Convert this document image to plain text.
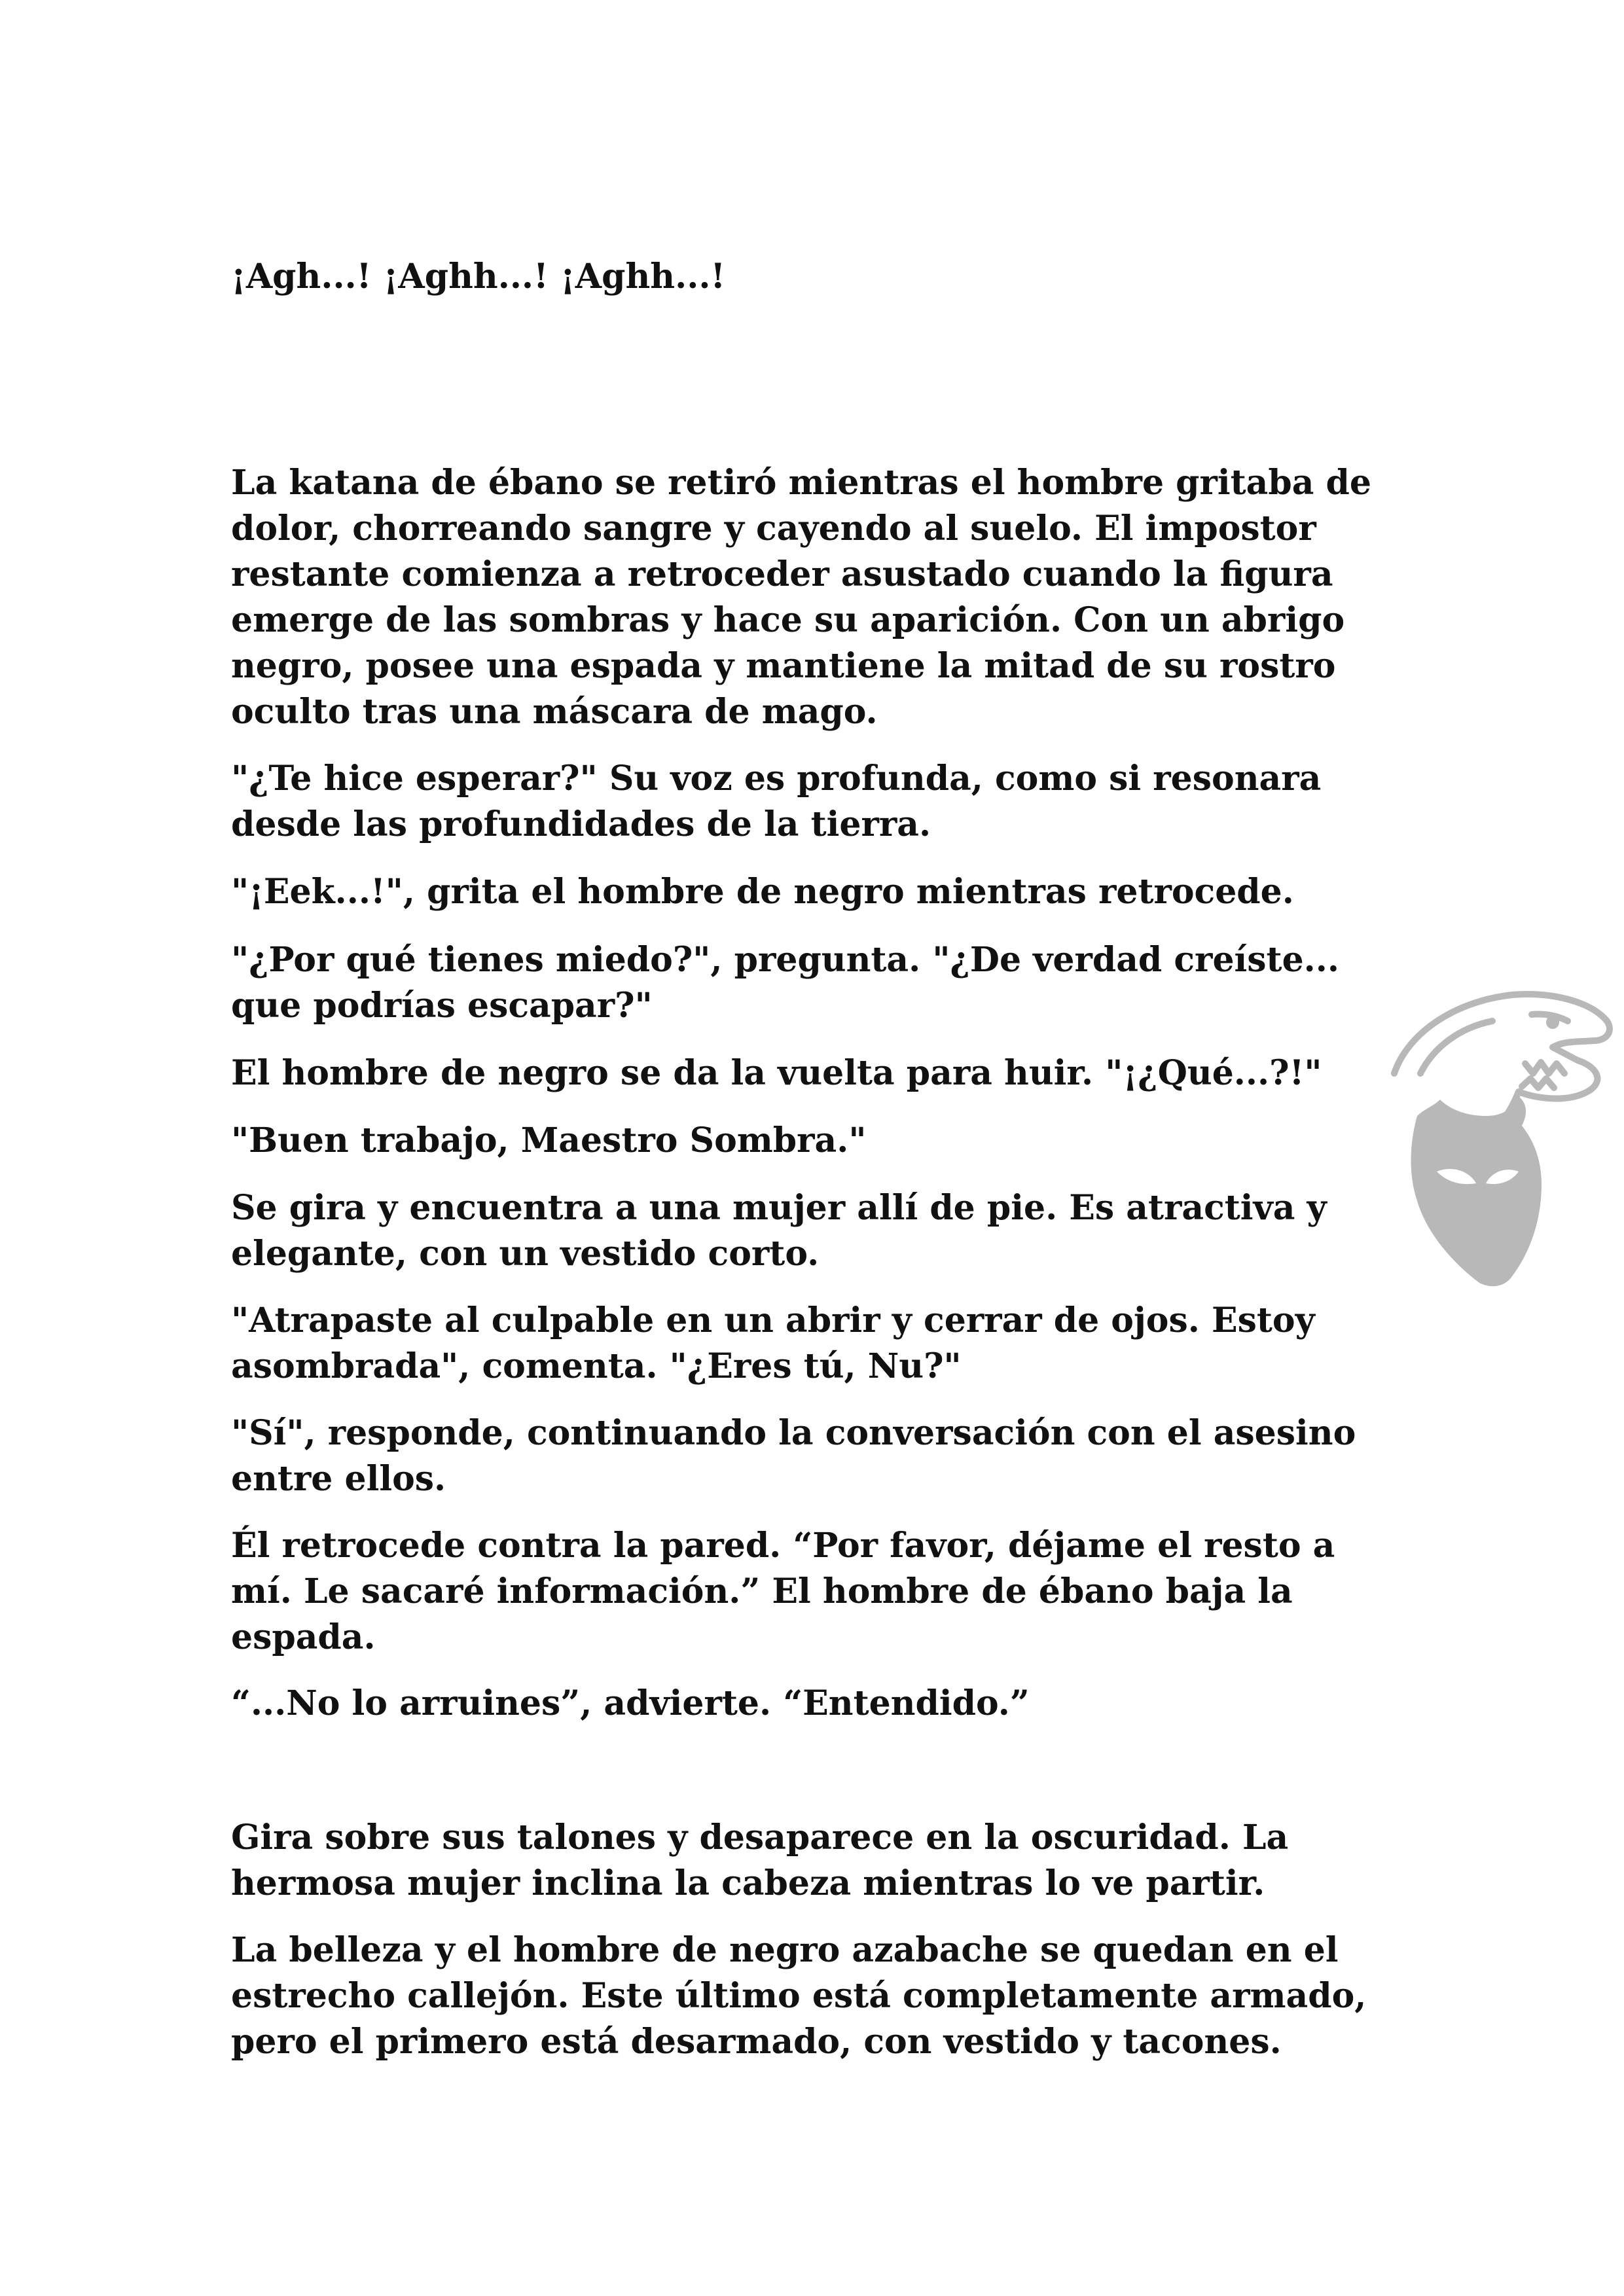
¡Agh...! ¡Aghh...! ¡Aghh...!

La katana de ébano se retiró mientras el hombre gritaba de
dolor, chorreando sangre y cayendo al suelo. El impostor
restante comienza a retroceder asustado cuando la figura
emerge de las sombras y hace su aparición. Con un abrigo
negro, posee una espada y mantiene la mitad de su rostro
oculto tras una máscara de mago.

"¿Te hice esperar?" Su voz es profunda, como si resonara
desde las profundidades de la tierra.

"¡Eek...!", grita el hombre de negro mientras retrocede.

"¿Por qué tienes miedo?", pregunta. "¿De verdad creíste...
que podrías escapar?"

El hombre de negro se da la vuelta para huir. "¡¿Qué...?!"

"Buen trabajo, Maestro Sombra."

Se gira y encuentra a una mujer allí de pie. Es atractiva y
elegante, con un vestido corto.

"Atrapaste al culpable en un abrir y cerrar de ojos. Estoy
asombrada", comenta. "¿Eres tú, Nu?"

"Sí", responde, continuando la conversación con el asesino
entre ellos.

Él retrocede contra la pared. “Por favor, déjame el resto a
mí. Le sacaré información.” El hombre de ébano baja la
espada.

“...No lo arruines”, advierte. “Entendido.”

Gira sobre sus talones y desaparece en la oscuridad. La
hermosa mujer inclina la cabeza mientras lo ve partir.

La belleza y el hombre de negro azabache se quedan en el
estrecho callejón. Este último está completamente armado,
pero el primero está desarmado, con vestido y tacones.
